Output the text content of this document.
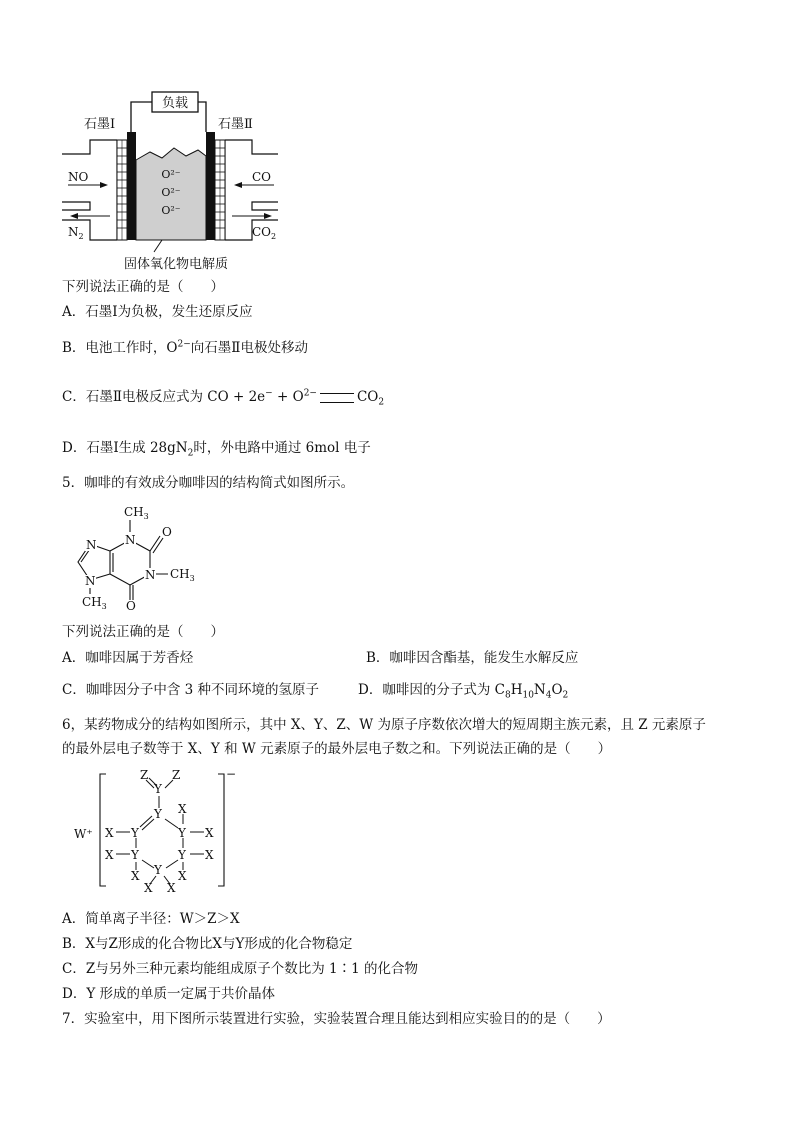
负载
石墨Ⅰ	石墨Ⅱ
O²⁻
O²⁻
O²⁻
NO
$N_2$
CO
$CO_2$
固体氧化物电解质
下列说法正确的是（　　）
A．石墨Ⅰ为负极，发生还原反应
B．电池工作时，$O^{2-}$向石墨Ⅱ电极处移动
C．石墨Ⅱ电极反应式为 CO + $2e^- + O^{2-}$	$CO_2$
D．石墨Ⅰ生成 $28gN_2$时，外电路中通过 6mol 电子
5．咖啡的有效成分咖啡因的结构简式如图所示。
N
N
N
N
O
O
$CH_3$
$CH_3$
$CH_3$
下列说法正确的是（　　）
A．咖啡因属于芳香烃	B．咖啡因含酯基，能发生水解反应
C．咖啡因分子中含 3 种不同环境的氢原子	D．咖啡因的分子式为 $C_8H_{10}N_4O_2$
6，某药物成分的结构如图所示，其中 X、Y、Z、W 为原子序数依次增大的短周期主族元素，且 Z 元素原子
的最外层电子数等于 X、Y 和 W 元素原子的最外层电子数之和。下列说法正确的是（　　）
W⁺
−
Z Z
Y
Y X
X Y	Y X
X Y	Y X
Y
X	X
X X
A．简单离子半径：W＞Z＞X
B．X与Z形成的化合物比X与Y形成的化合物稳定
C．Z与另外三种元素均能组成原子个数比为 1∶1 的化合物
D．Y 形成的单质一定属于共价晶体
7．实验室中，用下图所示装置进行实验，实验装置合理且能达到相应实验目的的是（　　）
